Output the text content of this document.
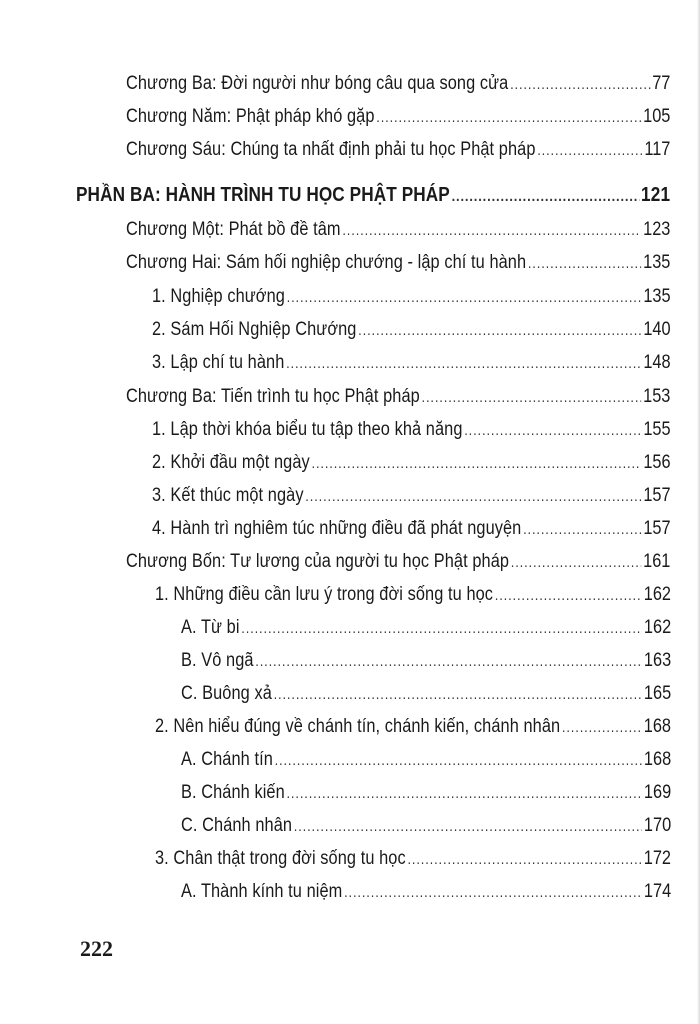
Chương Ba: Đời người như bóng câu qua song cửa .....	77
Chương Năm: Phật pháp khó gặp .....	105
Chương Sáu: Chúng ta nhất định phải tu học Phật pháp .....	117
PHẦN BA: HÀNH TRÌNH TU HỌC PHẬT PHÁP .....	121
Chương Một: Phát bồ đề tâm .....	123
Chương Hai: Sám hối nghiệp chướng - lập chí tu hành .....	135
1. Nghiệp chướng .....	135
2. Sám Hối Nghiệp Chướng .....	140
3. Lập chí tu hành .....	148
Chương Ba: Tiến trình tu học Phật pháp .....	153
1. Lập thời khóa biểu tu tập theo khả năng .....	155
2. Khởi đầu một ngày .....	156
3. Kết thúc một ngày .....	157
4. Hành trì nghiêm túc những điều đã phát nguyện .....	157
Chương Bốn: Tư lương của người tu học Phật pháp .....	161
1. Những điều cần lưu ý trong đời sống tu học .....	162
A. Từ bi .....	162
B. Vô ngã .....	163
C. Buông xả .....	165
2. Nên hiểu đúng về chánh tín, chánh kiến, chánh nhân .....	168
A. Chánh tín .....	168
B. Chánh kiến .....	169
C. Chánh nhân .....	170
3. Chân thật trong đời sống tu học .....	172
A. Thành kính tu niệm .....	174
222
